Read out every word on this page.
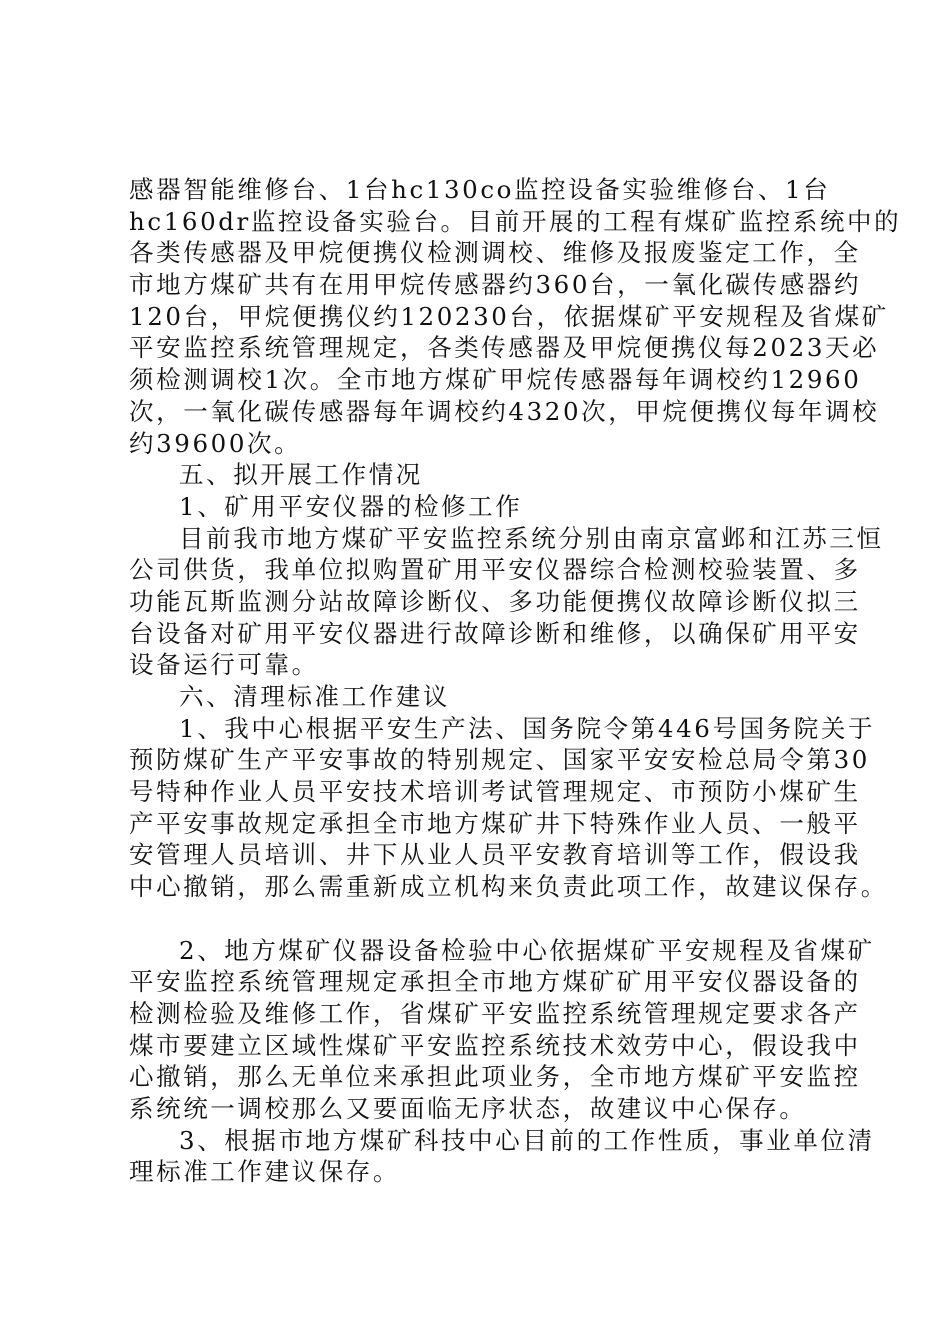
感器智能维修台、1台hc130co监控设备实验维修台、1台
hc160dr监控设备实验台。目前开展的工程有煤矿监控系统中的
各类传感器及甲烷便携仪检测调校、维修及报废鉴定工作，全
市地方煤矿共有在用甲烷传感器约360台，一氧化碳传感器约
120台，甲烷便携仪约120230台，依据煤矿平安规程及省煤矿
平安监控系统管理规定，各类传感器及甲烷便携仪每2023天必
须检测调校1次。全市地方煤矿甲烷传感器每年调校约12960
次，一氧化碳传感器每年调校约4320次，甲烷便携仪每年调校
约39600次。
五、拟开展工作情况
1、矿用平安仪器的检修工作
目前我市地方煤矿平安监控系统分别由南京富邺和江苏三恒
公司供货，我单位拟购置矿用平安仪器综合检测校验装置、多
功能瓦斯监测分站故障诊断仪、多功能便携仪故障诊断仪拟三
台设备对矿用平安仪器进行故障诊断和维修，以确保矿用平安
设备运行可靠。
六、清理标准工作建议
1、我中心根据平安生产法、国务院令第446号国务院关于
预防煤矿生产平安事故的特别规定、国家平安安检总局令第30
号特种作业人员平安技术培训考试管理规定、市预防小煤矿生
产平安事故规定承担全市地方煤矿井下特殊作业人员、一般平
安管理人员培训、井下从业人员平安教育培训等工作，假设我
中心撤销，那么需重新成立机构来负责此项工作，故建议保存。
2、地方煤矿仪器设备检验中心依据煤矿平安规程及省煤矿
平安监控系统管理规定承担全市地方煤矿矿用平安仪器设备的
检测检验及维修工作，省煤矿平安监控系统管理规定要求各产
煤市要建立区域性煤矿平安监控系统技术效劳中心，假设我中
心撤销，那么无单位来承担此项业务，全市地方煤矿平安监控
系统统一调校那么又要面临无序状态，故建议中心保存。
3、根据市地方煤矿科技中心目前的工作性质，事业单位清
理标准工作建议保存。
